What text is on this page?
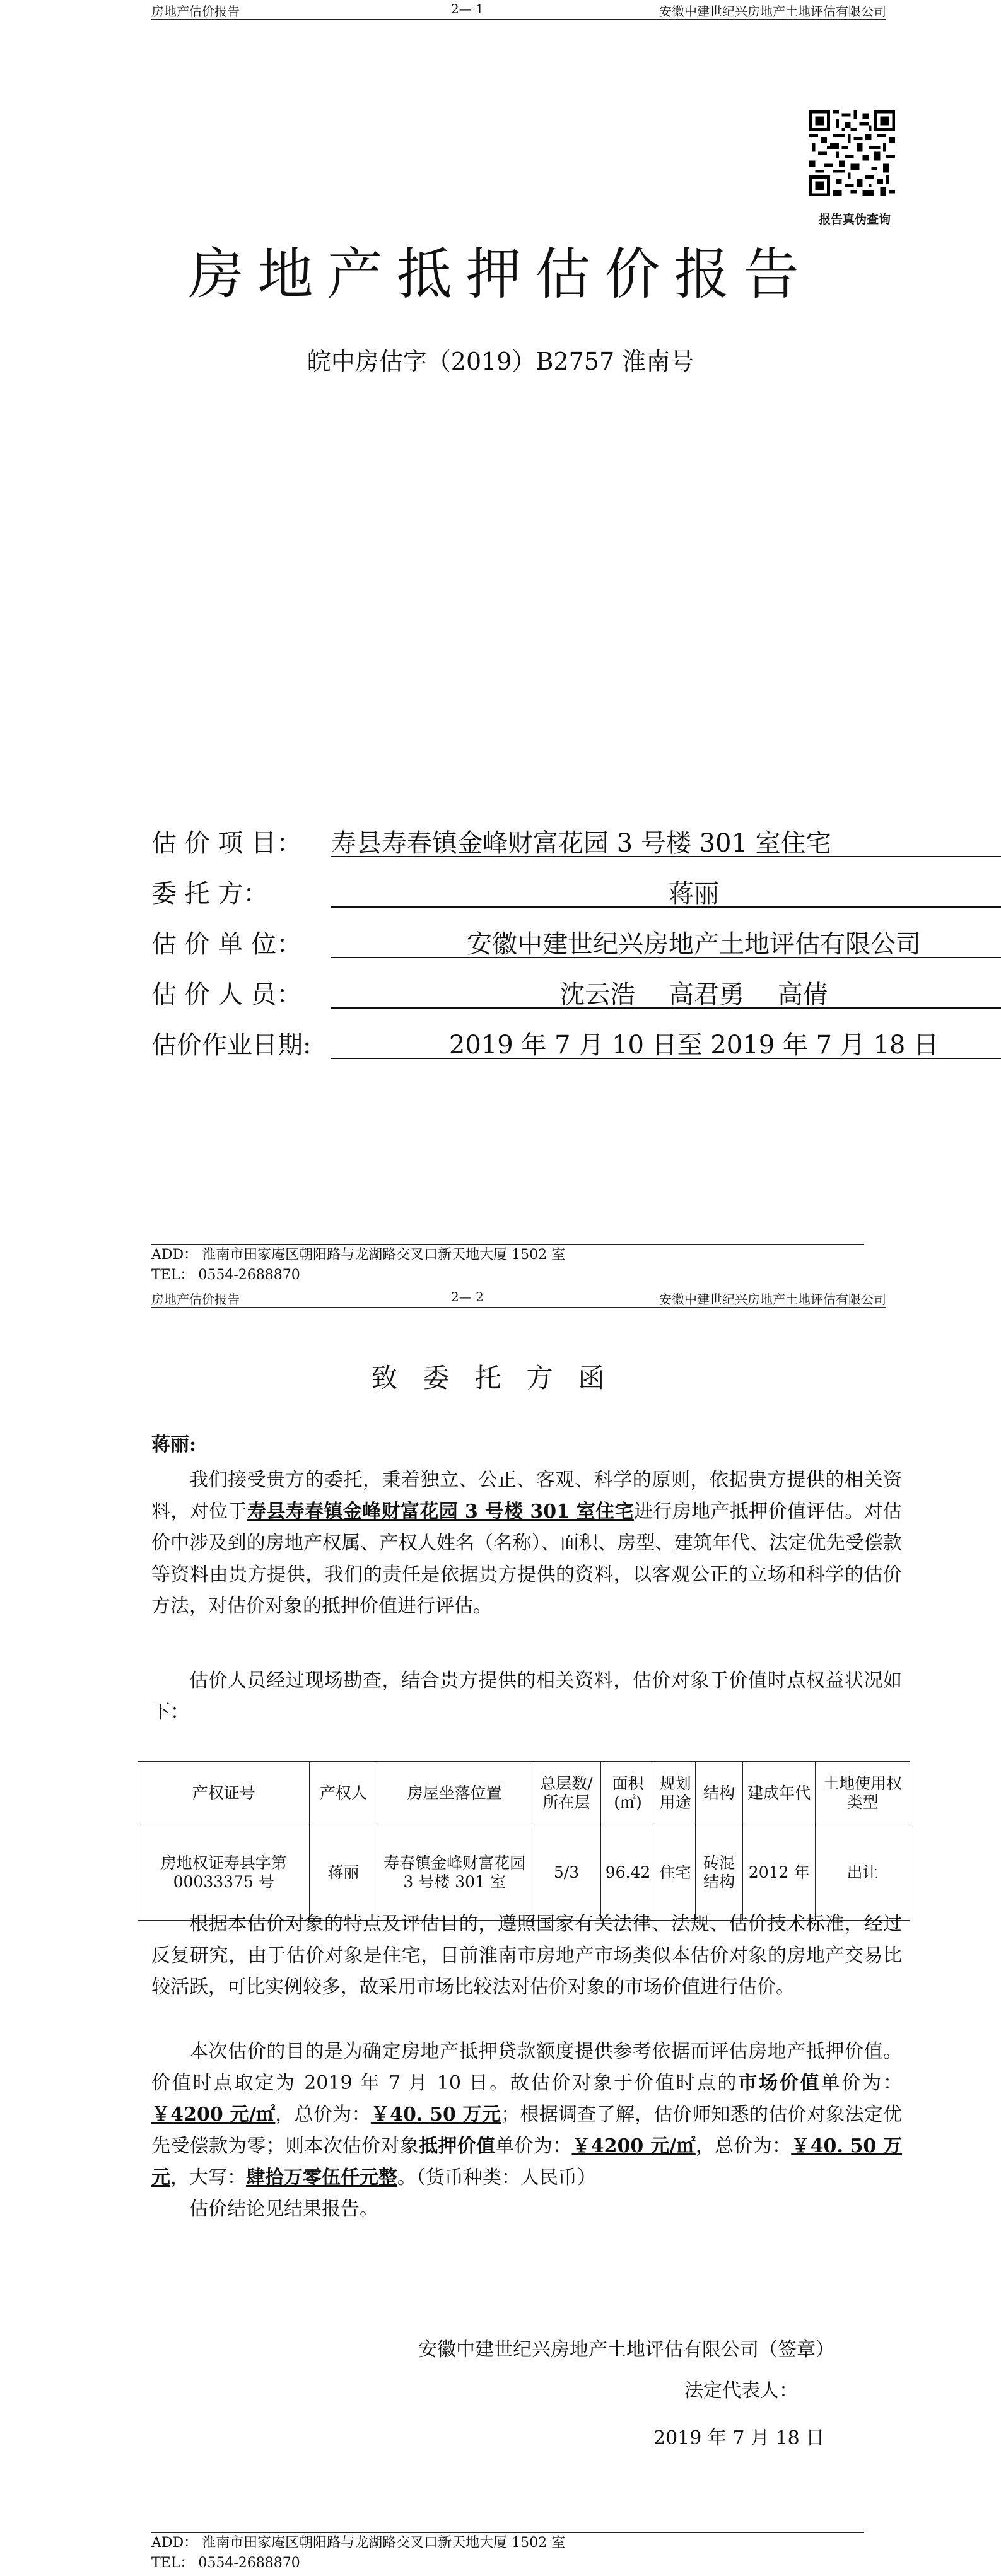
房地产估价报告	2— 1	安徽中建世纪兴房地产土地评估有限公司
报告真伪查询
房地产抵押估价报告
皖中房估字（2019）B2757 淮南号
估 价 项 目： 寿县寿春镇金峰财富花园 3 号楼 301 室住宅
委 托 方：	蒋丽
估 价 单 位：	安徽中建世纪兴房地产土地评估有限公司
估 价 人 员：	沈云浩 高君勇 高倩
估价作业日期:	2019 年 7 月 10 日至 2019 年 7 月 18 日
ADD： 淮南市田家庵区朝阳路与龙湖路交叉口新天地大厦 1502 室
TEL： 0554-2688870
房地产估价报告	2— 2	安徽中建世纪兴房地产土地评估有限公司
致委托方函
蒋丽:

我们接受贵方的委托，秉着独立、公正、客观、科学的原则，依据贵方提供的相关资料，对位于寿县寿春镇金峰财富花园 3 号楼 301 室住宅进行房地产抵押价值评估。对估价中涉及到的房地产权属、产权人姓名（名称）、面积、房型、建筑年代、法定优先受偿款等资料由贵方提供，我们的责任是依据贵方提供的资料，以客观公正的立场和科学的估价方法，对估价对象的抵押价值进行评估。

估价人员经过现场勘查，结合贵方提供的相关资料，估价对象于价值时点权益状况如下：

产权证号	产权人	房屋坐落位置	总层数/所在层	面积(㎡)	规划用途	结构	建成年代	土地使用权类型
房地权证寿县字第 00033375 号	蒋丽	寿春镇金峰财富花园 3 号楼 301 室	5/3	96.42	住宅	砖混结构	2012 年	出让

根据本估价对象的特点及评估目的，遵照国家有关法律、法规、估价技术标准，经过反复研究，由于估价对象是住宅，目前淮南市房地产市场类似本估价对象的房地产交易比较活跃，可比实例较多，故采用市场比较法对估价对象的市场价值进行估价。

本次估价的目的是为确定房地产抵押贷款额度提供参考依据而评估房地产抵押价值。价值时点取定为 2019 年 7 月 10 日。故估价对象于价值时点的市场价值单价为：￥4200 元/㎡，总价为：￥40. 50 万元；根据调查了解，估价师知悉的估价对象法定优先受偿款为零；则本次估价对象抵押价值单价为：￥4200 元/㎡，总价为：￥40. 50 万元，大写：肆拾万零伍仟元整。（货币种类：人民币）

估价结论见结果报告。

安徽中建世纪兴房地产土地评估有限公司（签章）
法定代表人：
2019 年 7 月 18 日
ADD： 淮南市田家庵区朝阳路与龙湖路交叉口新天地大厦 1502 室
TEL： 0554-2688870
